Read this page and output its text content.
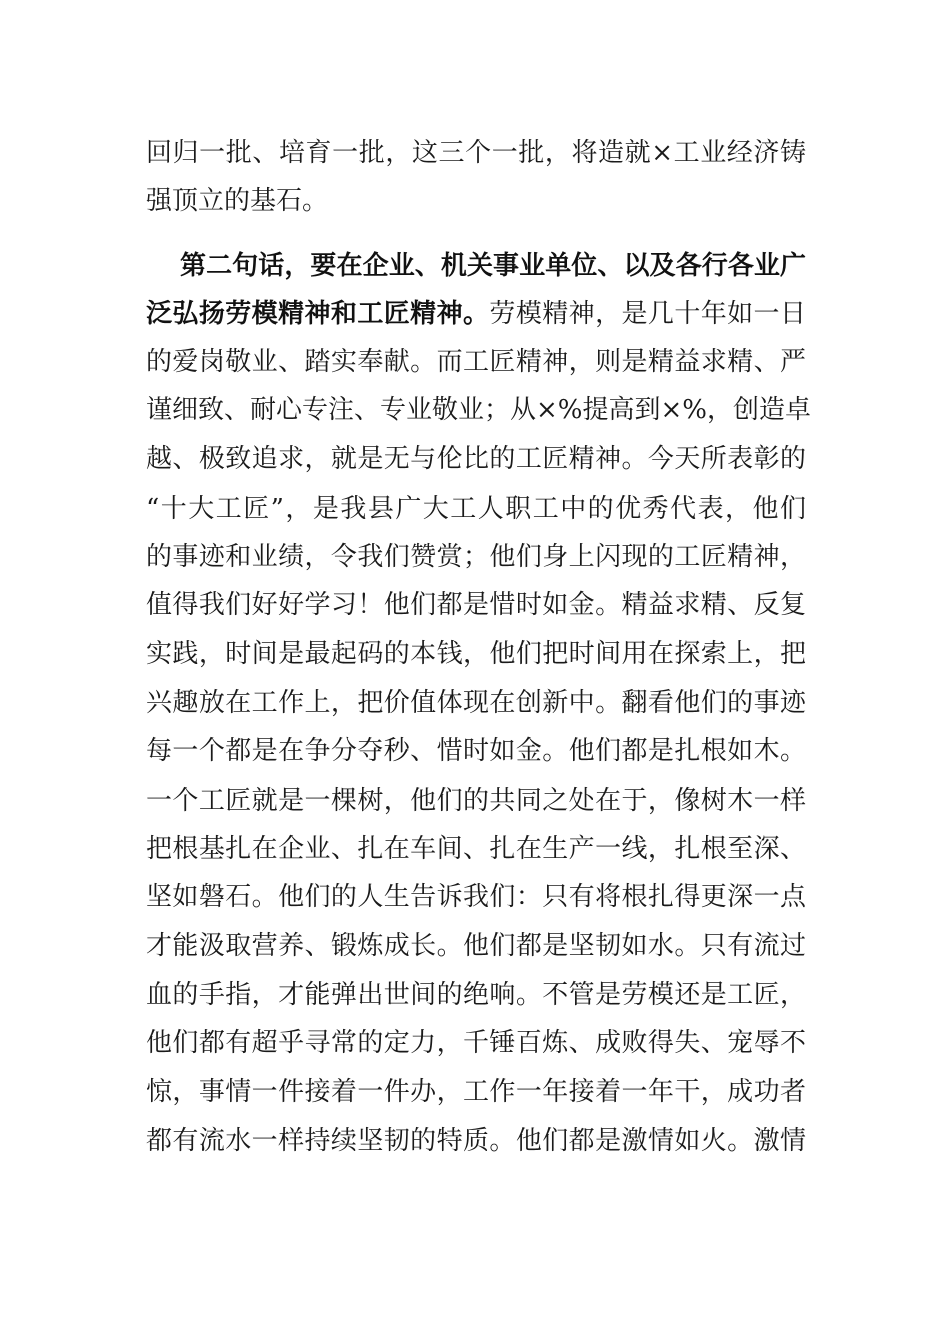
回归一批、培育一批，这三个一批，将造就×工业经济铸
强顶立的基石。
第二句话，要在企业、机关事业单位、以及各行各业广
泛弘扬劳模精神和工匠精神。劳模精神，是几十年如一日
的爱岗敬业、踏实奉献。而工匠精神，则是精益求精、严
谨细致、耐心专注、专业敬业；从×%提高到×%，创造卓
越、极致追求，就是无与伦比的工匠精神。今天所表彰的
“十大工匠”，是我县广大工人职工中的优秀代表，他们
的事迹和业绩，令我们赞赏；他们身上闪现的工匠精神，
值得我们好好学习！他们都是惜时如金。精益求精、反复
实践，时间是最起码的本钱，他们把时间用在探索上，把
兴趣放在工作上，把价值体现在创新中。翻看他们的事迹
每一个都是在争分夺秒、惜时如金。他们都是扎根如木。
一个工匠就是一棵树，他们的共同之处在于，像树木一样
把根基扎在企业、扎在车间、扎在生产一线，扎根至深、
坚如磐石。他们的人生告诉我们：只有将根扎得更深一点
才能汲取营养、锻炼成长。他们都是坚韧如水。只有流过
血的手指，才能弹出世间的绝响。不管是劳模还是工匠，
他们都有超乎寻常的定力，千锤百炼、成败得失、宠辱不
惊，事情一件接着一件办，工作一年接着一年干，成功者
都有流水一样持续坚韧的特质。他们都是激情如火。激情
